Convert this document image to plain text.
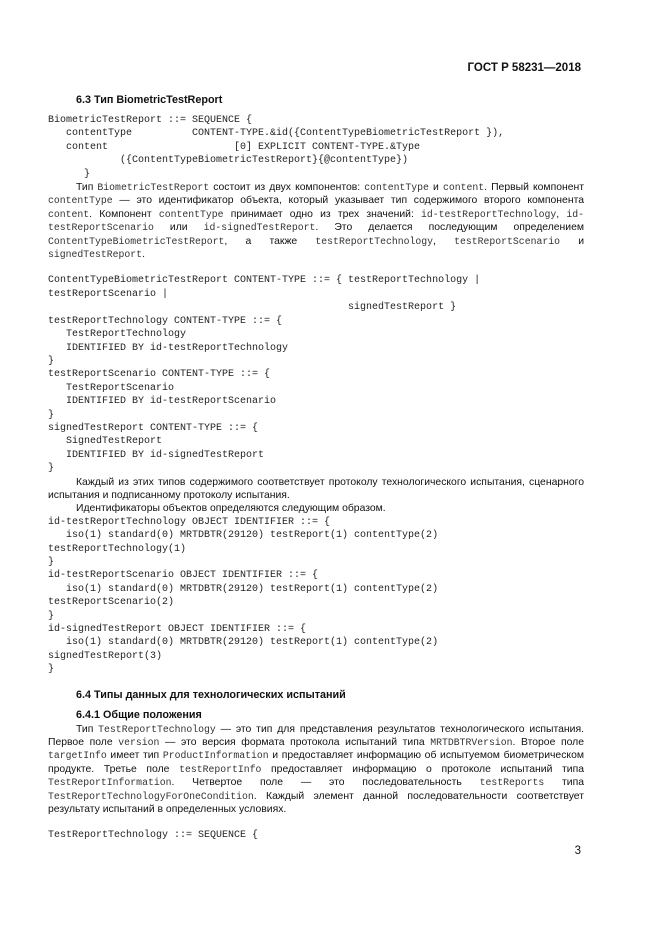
ГОСТ Р 58231—2018
6.3 Тип BiometricTestReport
BiometricTestReport ::= SEQUENCE {
contentType          CONTENT-TYPE.&id({ContentTypeBiometricTestReport }),
content                     [0] EXPLICIT CONTENT-TYPE.&Type
({ContentTypeBiometricTestReport}{@contentType})
}

Тип BiometricTestReport состоит из двух компонентов: contentType и content. Первый компонент contentType — это идентификатор объекта, который указывает тип содержимого второго компонента content. Компонент contentType принимает одно из трех значений: id-testReportTechnology, id-testReportScenario или id-signedTestReport. Это делается последующим определением ContentTypeBiometricTestReport, а также testReportTechnology, testReportScenario и signedTestReport.

ContentTypeBiometricTestReport CONTENT-TYPE ::= { testReportTechnology |
testReportScenario |
signedTestReport }
testReportTechnology CONTENT-TYPE ::= {
TestReportTechnology
IDENTIFIED BY id-testReportTechnology
}
testReportScenario CONTENT-TYPE ::= {
TestReportScenario
IDENTIFIED BY id-testReportScenario
}
signedTestReport CONTENT-TYPE ::= {
SignedTestReport
IDENTIFIED BY id-signedTestReport
}

Каждый из этих типов содержимого соответствует протоколу технологического испытания, сценарного испытания и подписанному протоколу испытания.

Идентификаторы объектов определяются следующим образом.

id-testReportTechnology OBJECT IDENTIFIER ::= {
iso(1) standard(0) MRTDBTR(29120) testReport(1) contentType(2)
testReportTechnology(1)
}
id-testReportScenario OBJECT IDENTIFIER ::= {
iso(1) standard(0) MRTDBTR(29120) testReport(1) contentType(2)
testReportScenario(2)
}
id-signedTestReport OBJECT IDENTIFIER ::= {
iso(1) standard(0) MRTDBTR(29120) testReport(1) contentType(2)
signedTestReport(3)
}
6.4 Типы данных для технологических испытаний
6.4.1 Общие положения

Тип TestReportTechnology — это тип для представления результатов технологического испытания. Первое поле version — это версия формата протокола испытаний типа MRTDBTRVersion. Второе поле targetInfo имеет тип ProductInformation и предоставляет информацию об испытуемом биометрическом продукте. Третье поле testReportInfo предоставляет информацию о протоколе испытаний типа TestReportInformation. Четвертое поле — это последовательность testReports типа TestReportTechnologyForOneCondition. Каждый элемент данной последовательности соответствует результату испытаний в определенных условиях.

TestReportTechnology ::= SEQUENCE {
3
